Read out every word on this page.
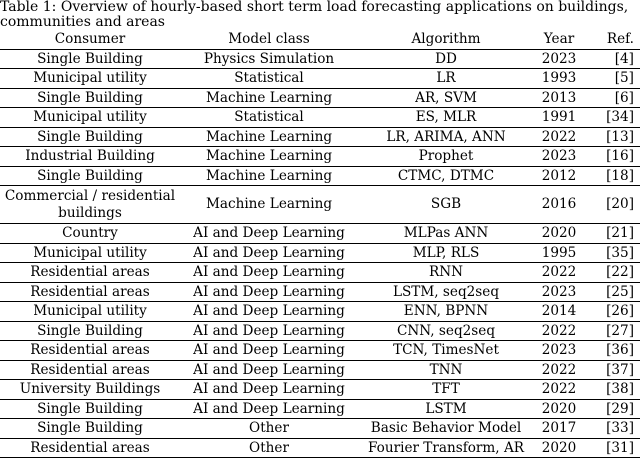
Table 1: Overview of hourly-based short term load forecasting applications on buildings,
communities and areas
Consumer	Model class	Algorithm	Year	Ref.
Single Building	Physics Simulation	DD	2023	[4]
Municipal utility	Statistical	LR	1993	[5]
Single Building	Machine Learning	AR, SVM	2013	[6]
Municipal utility	Statistical	ES, MLR	1991	[34]
Single Building	Machine Learning	LR, ARIMA, ANN	2022	[13]
Industrial Building	Machine Learning	Prophet	2023	[16]
Single Building	Machine Learning	CTMC, DTMC	2012	[18]
Commercial / residential buildings	Machine Learning	SGB	2016	[20]
Country	AI and Deep Learning	MLPas ANN	2020	[21]
Municipal utility	AI and Deep Learning	MLP, RLS	1995	[35]
Residential areas	AI and Deep Learning	RNN	2022	[22]
Residential areas	AI and Deep Learning	LSTM, seq2seq	2023	[25]
Municipal utility	AI and Deep Learning	ENN, BPNN	2014	[26]
Single Building	AI and Deep Learning	CNN, seq2seq	2022	[27]
Residential areas	AI and Deep Learning	TCN, TimesNet	2023	[36]
Residential areas	AI and Deep Learning	TNN	2022	[37]
University Buildings	AI and Deep Learning	TFT	2022	[38]
Single Building	AI and Deep Learning	LSTM	2020	[29]
Single Building	Other	Basic Behavior Model	2017	[33]
Residential areas	Other	Fourier Transform, AR	2020	[31]
